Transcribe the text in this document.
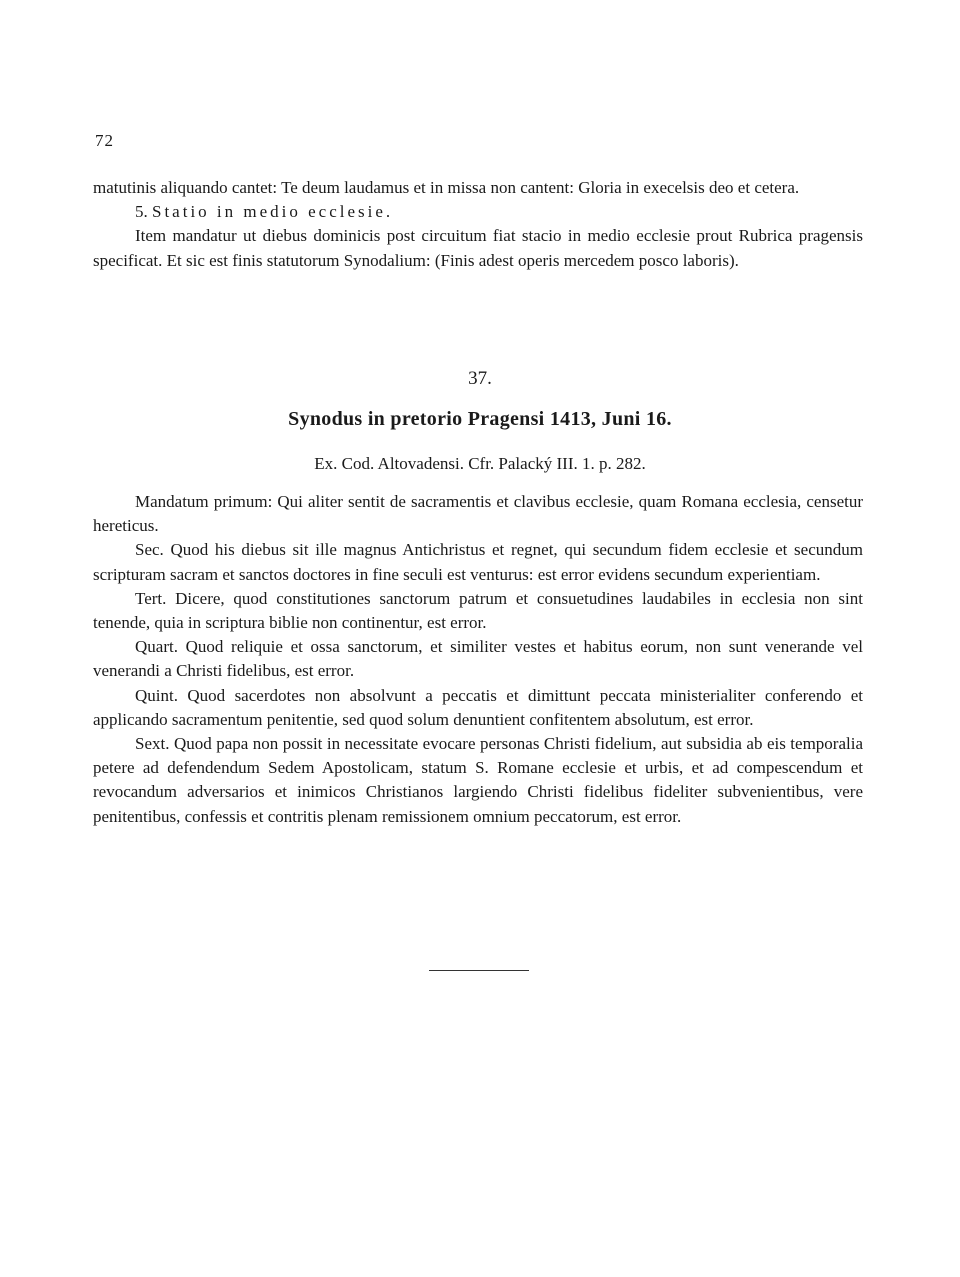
72

matutinis aliquando cantet: Te deum laudamus et in missa non cantent: Gloria in execelsis deo et cetera.

5. Statio in medio ecclesie.

Item mandatur ut diebus dominicis post circuitum fiat stacio in medio ecclesie prout Rubrica pragensis specificat. Et sic est finis statutorum Synodalium: (Finis adest operis mercedem posco laboris).

37.
Synodus in pretorio Pragensi 1413, Juni 16.
Ex. Cod. Altovadensi. Cfr. Palacký III. 1. p. 282.

Mandatum primum: Qui aliter sentit de sacramentis et clavibus ecclesie, quam Romana ecclesia, censetur hereticus.

Sec. Quod his diebus sit ille magnus Antichristus et regnet, qui secundum fidem ecclesie et secundum scripturam sacram et sanctos doctores in fine seculi est venturus: est error evidens secundum experientiam.

Tert. Dicere, quod constitutiones sanctorum patrum et consuetudines laudabiles in ecclesia non sint tenende, quia in scriptura biblie non continentur, est error.

Quart. Quod reliquie et ossa sanctorum, et similiter vestes et habitus eorum, non sunt venerande vel venerandi a Christi fidelibus, est error.

Quint. Quod sacerdotes non absolvunt a peccatis et dimittunt peccata ministerialiter conferendo et applicando sacramentum penitentie, sed quod solum denuntient confitentem absolutum, est error.

Sext. Quod papa non possit in necessitate evocare personas Christi fidelium, aut subsidia ab eis temporalia petere ad defendendum Sedem Apostolicam, statum S. Romane ecclesie et urbis, et ad compescendum et revocandum adversarios et inimicos Christianos largiendo Christi fidelibus fideliter subvenientibus, vere penitentibus, confessis et contritis plenam remissionem omnium peccatorum, est error.
